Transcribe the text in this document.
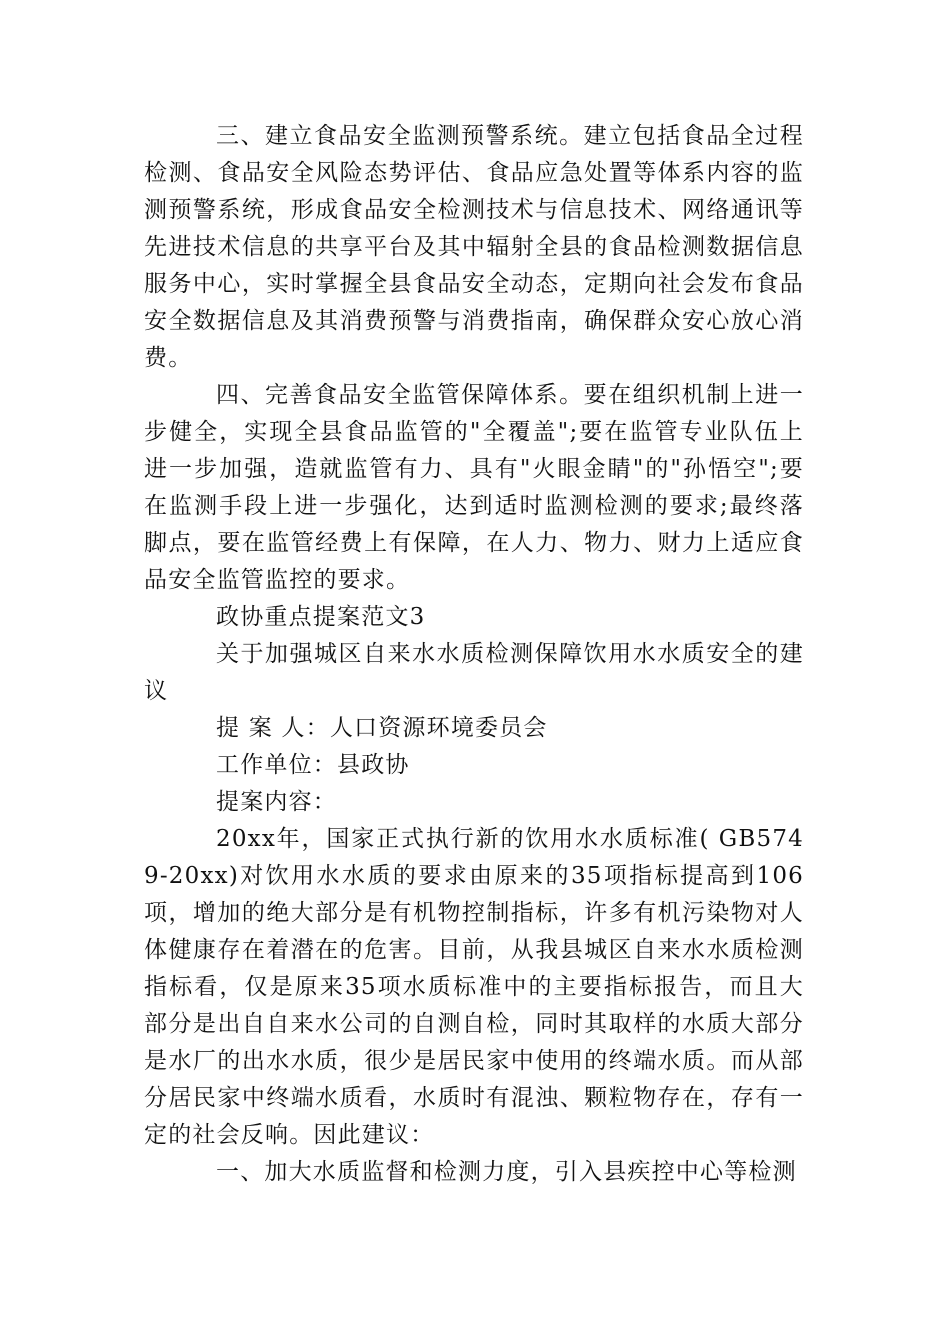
三、建立食品安全监测预警系统。建立包括食品全过程检测、食品安全风险态势评估、食品应急处置等体系内容的监测预警系统，形成食品安全检测技术与信息技术、网络通讯等先进技术信息的共享平台及其中辐射全县的食品检测数据信息服务中心，实时掌握全县食品安全动态，定期向社会发布食品安全数据信息及其消费预警与消费指南，确保群众安心放心消费。

四、完善食品安全监管保障体系。要在组织机制上进一步健全，实现全县食品监管的"全覆盖";要在监管专业队伍上进一步加强，造就监管有力、具有"火眼金睛"的"孙悟空";要在监测手段上进一步强化，达到适时监测检测的要求;最终落脚点，要在监管经费上有保障，在人力、物力、财力上适应食品安全监管监控的要求。

政协重点提案范文3

关于加强城区自来水水质检测保障饮用水水质安全的建议

提 案 人：人口资源环境委员会

工作单位：县政协

提案内容：

20xx年，国家正式执行新的饮用水水质标准( GB5749-20xx)对饮用水水质的要求由原来的35项指标提高到106项，增加的绝大部分是有机物控制指标，许多有机污染物对人体健康存在着潜在的危害。目前，从我县城区自来水水质检测指标看，仅是原来35项水质标准中的主要指标报告，而且大部分是出自自来水公司的自测自检，同时其取样的水质大部分是水厂的出水水质，很少是居民家中使用的终端水质。而从部分居民家中终端水质看，水质时有混浊、颗粒物存在，存有一定的社会反响。因此建议：

一、加大水质监督和检测力度，引入县疾控中心等检测
